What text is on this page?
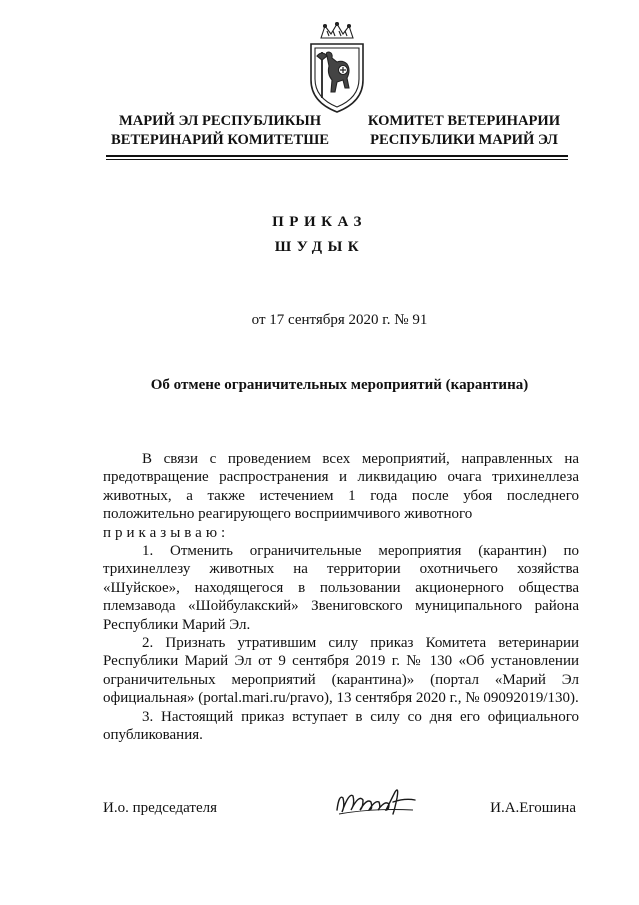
МАРИЙ ЭЛ РЕСПУБЛИКЫН
ВЕТЕРИНАРИЙ КОМИТЕТШЕ
КОМИТЕТ ВЕТЕРИНАРИИ
РЕСПУБЛИКИ МАРИЙ ЭЛ
ПРИКАЗ
ШУДЫК
от 17 сентября 2020 г. № 91
Об отмене ограничительных мероприятий (карантина)

В связи с проведением всех мероприятий, направленных на предотвращение распространения и ликвидацию очага трихинеллеза животных, а также истечением 1 года после убоя последнего положительно реагирующего восприимчивого животного

приказываю:

1. Отменить ограничительные мероприятия (карантин) по трихинеллезу животных на территории охотничьего хозяйства «Шуйское», находящегося в пользовании акционерного общества племзавода «Шойбулакский» Звениговского муниципального района Республики Марий Эл.

2. Признать утратившим силу приказ Комитета ветеринарии Республики Марий Эл от 9 сентября 2019 г. № 130 «Об установлении ограничительных мероприятий (карантина)» (портал «Марий Эл официальная» (portal.mari.ru/pravo), 13 сентября 2020 г., № 09092019/130).

3. Настоящий приказ вступает в силу со дня его официального опубликования.

И.о. председателя	И.А.Егошина
